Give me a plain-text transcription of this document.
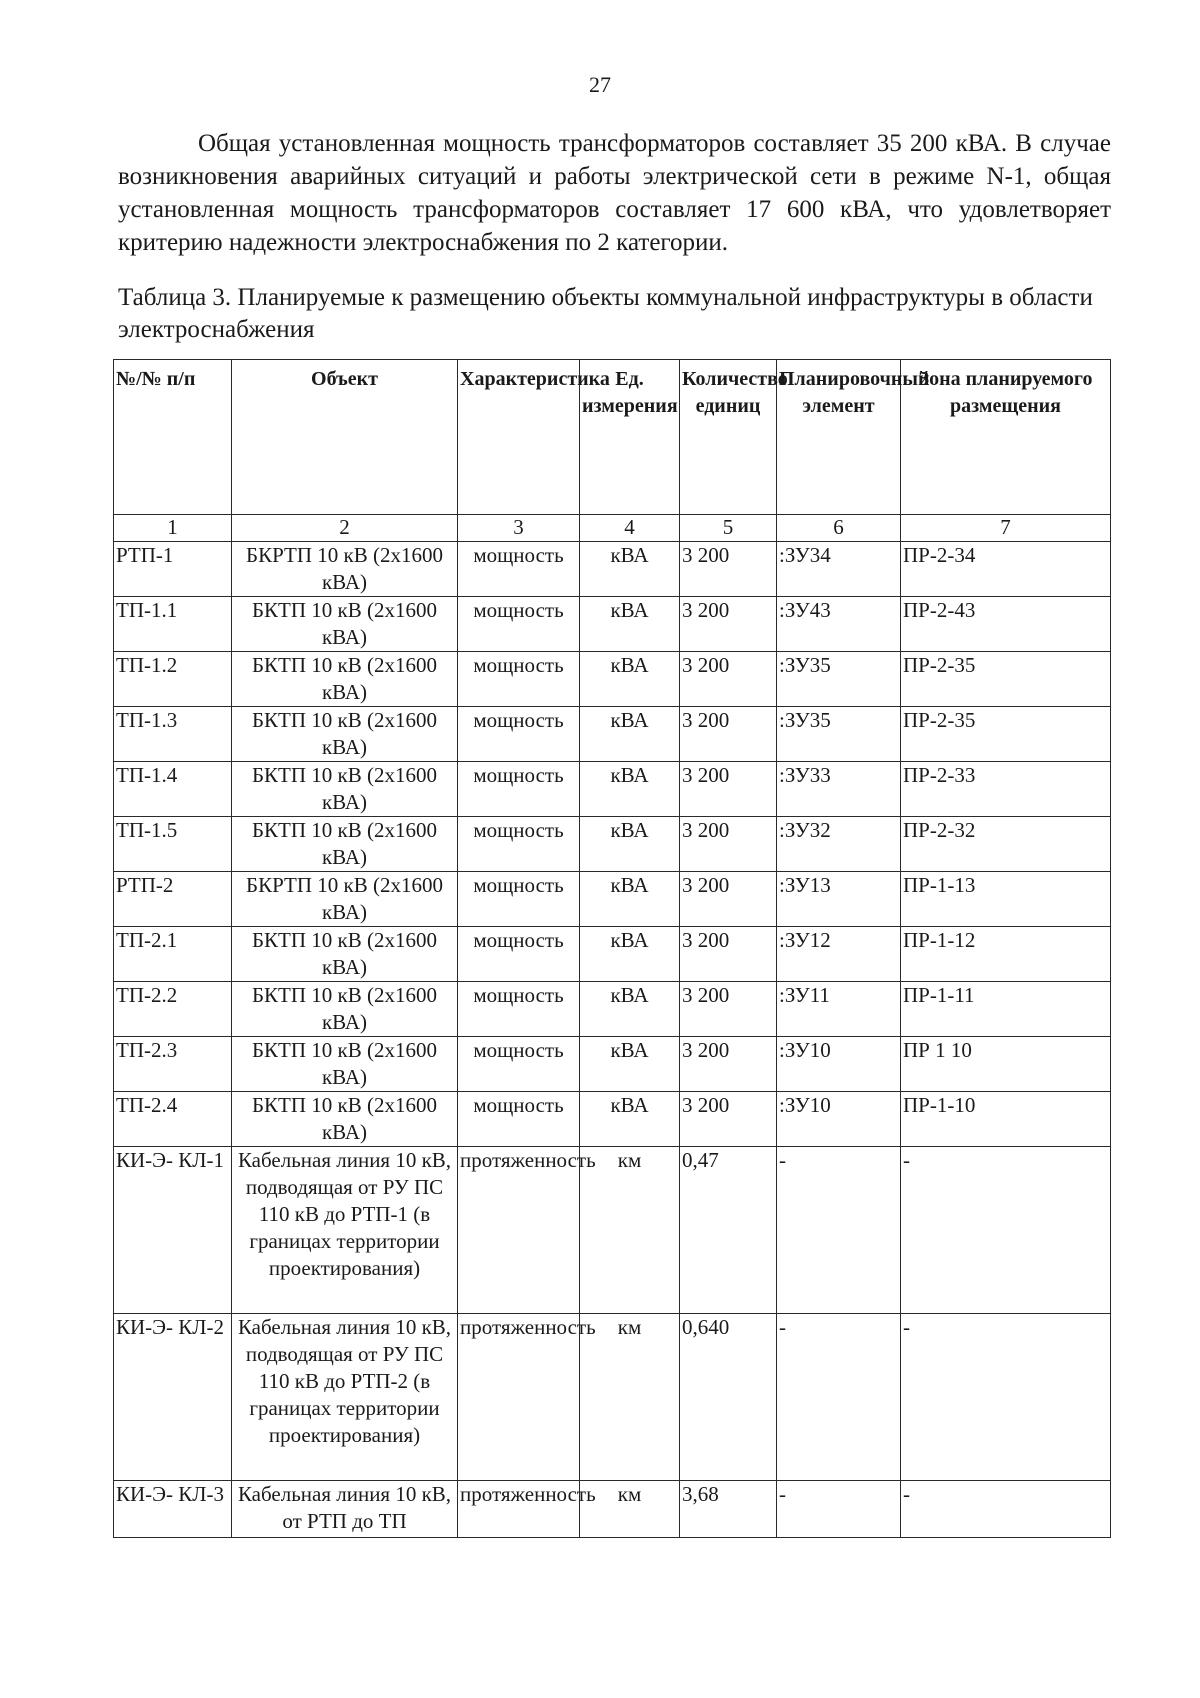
27

Общая установленная мощность трансформаторов составляет 35 200 кВА. В случае возникновения аварийных ситуаций и работы электрической сети в режиме N-1, общая установленная мощность трансформаторов составляет 17 600 кВА, что удовлетворяет критерию надежности электроснабжения по 2 категории.

Таблица 3. Планируемые к размещению объекты коммунальной инфраструктуры в области электроснабжения

№/№ п/п	Объект	Характеристика	Ед. измерения	Количество единиц	Планировочный элемент	Зона планируемого размещения
1	2	3	4	5	6	7
РТП-1	БКРТП 10 кВ (2х1600 кВА)	мощность	кВА	3 200	:ЗУ34	ПР-2-34
ТП-1.1	БКТП 10 кВ (2х1600 кВА)	мощность	кВА	3 200	:ЗУ43	ПР-2-43
ТП-1.2	БКТП 10 кВ (2х1600 кВА)	мощность	кВА	3 200	:ЗУ35	ПР-2-35
ТП-1.3	БКТП 10 кВ (2х1600 кВА)	мощность	кВА	3 200	:ЗУ35	ПР-2-35
ТП-1.4	БКТП 10 кВ (2х1600 кВА)	мощность	кВА	3 200	:ЗУ33	ПР-2-33
ТП-1.5	БКТП 10 кВ (2х1600 кВА)	мощность	кВА	3 200	:ЗУ32	ПР-2-32
РТП-2	БКРТП 10 кВ (2х1600 кВА)	мощность	кВА	3 200	:ЗУ13	ПР-1-13
ТП-2.1	БКТП 10 кВ (2х1600 кВА)	мощность	кВА	3 200	:ЗУ12	ПР-1-12
ТП-2.2	БКТП 10 кВ (2х1600 кВА)	мощность	кВА	3 200	:ЗУ11	ПР-1-11
ТП-2.3	БКТП 10 кВ (2х1600 кВА)	мощность	кВА	3 200	:ЗУ10	ПР 1 10
ТП-2.4	БКТП 10 кВ (2х1600 кВА)	мощность	кВА	3 200	:ЗУ10	ПР-1-10
КИ-Э- КЛ-1	Кабельная линия 10 кВ, подводящая от РУ ПС 110 кВ до РТП-1 (в границах территории проектирования)	протяженность	км	0,47	-	-
КИ-Э- КЛ-2	Кабельная линия 10 кВ, подводящая от РУ ПС 110 кВ до РТП-2 (в границах территории проектирования)	протяженность	км	0,640	-	-
КИ-Э- КЛ-3	Кабельная линия 10 кВ, от РТП до ТП	протяженность	км	3,68	-	-
